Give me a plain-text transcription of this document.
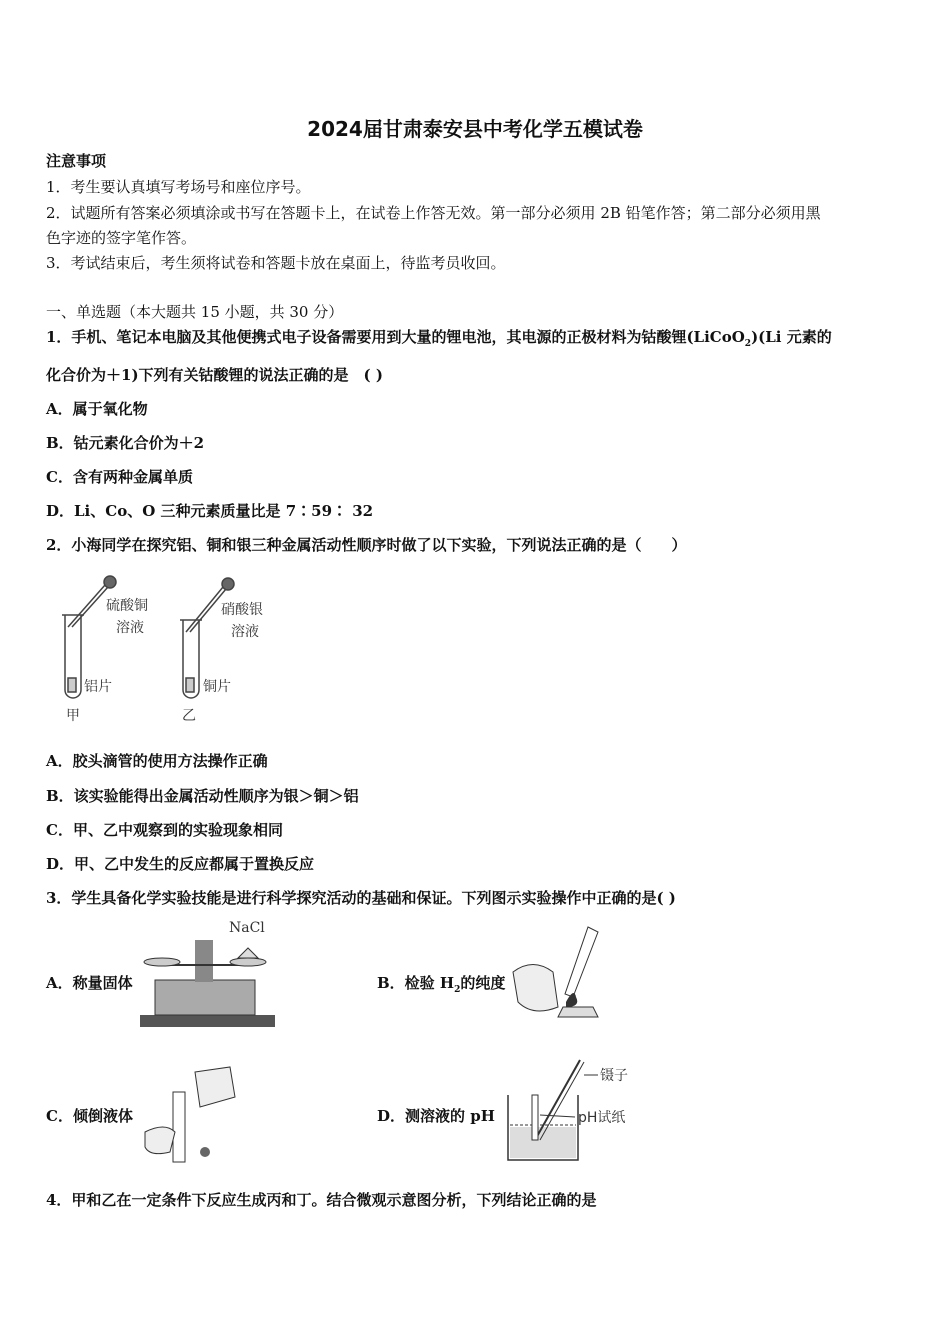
2024届甘肃泰安县中考化学五模试卷
注意事项
1．考生要认真填写考场号和座位序号。
2．试题所有答案必须填涂或书写在答题卡上，在试卷上作答无效。第一部分必须用 2B 铅笔作答；第二部分必须用黑
色字迹的签字笔作答。
3．考试结束后，考生须将试卷和答题卡放在桌面上，待监考员收回。
一、单选题（本大题共 15 小题，共 30 分）
1．手机、笔记本电脑及其他便携式电子设备需要用到大量的锂电池，其电源的正极材料为钴酸锂(LiCoO$_2$)(Li 元素的
化合价为＋1)下列有关钴酸锂的说法正确的是　( )
A．属于氧化物
B．钴元素化合价为＋2
C．含有两种金属单质
D．Li、Co、O 三种元素质量比是 7∶59∶ 32
2．小海同学在探究铝、铜和银三种金属活动性顺序时做了以下实验，下列说法正确的是（　　）
硫酸铜
溶液
铝片
甲
硝酸银
溶液
铜片
乙
A．胶头滴管的使用方法操作正确
B．该实验能得出金属活动性顺序为银＞铜＞铝
C．甲、乙中观察到的实验现象相同
D．甲、乙中发生的反应都属于置换反应
3．学生具备化学实验技能是进行科学探究活动的基础和保证。下列图示实验操作中正确的是( )
A．称量固体
NaCl
B．检验 $H_2$的纯度
C．倾倒液体	D．测溶液的 pH
镊子
pH试纸
4．甲和乙在一定条件下反应生成丙和丁。结合微观示意图分析，下列结论正确的是
